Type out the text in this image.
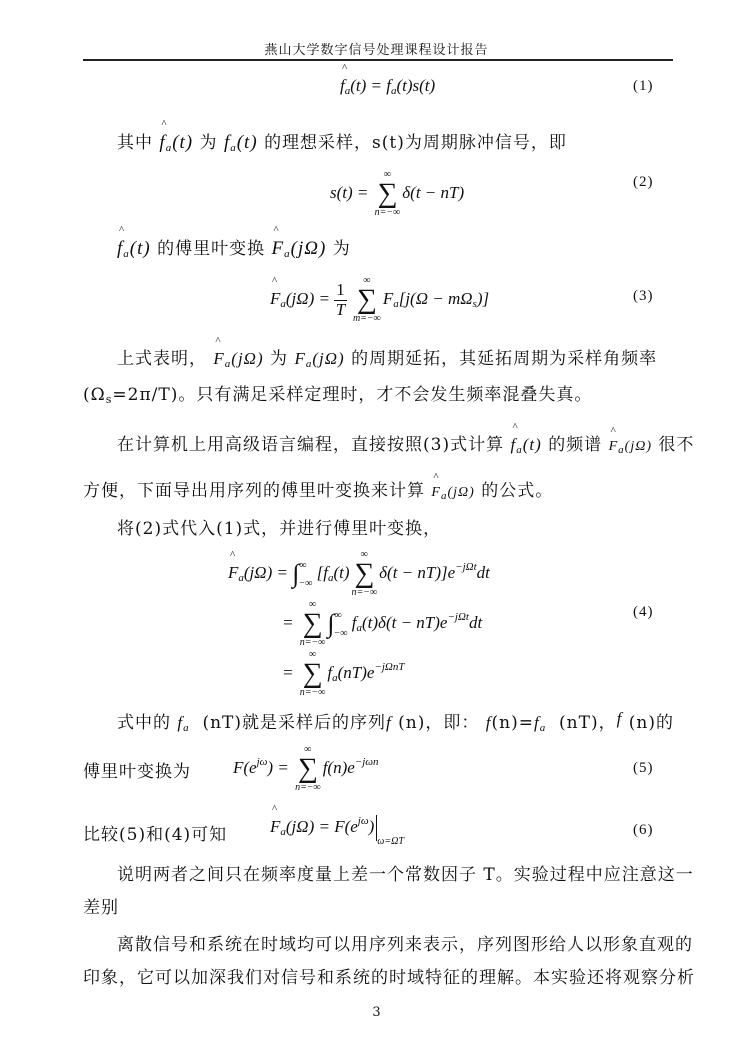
燕山大学数字信号处理课程设计报告
^ $f_a(t) = f_a(t)s(t)$	(1)
其中 ^ $f_a(t)$ 为 $f_a(t)$ 的理想采样，s(t)为周期脉冲信号，即
s(t) =
∞
∑
n=−∞
δ(t − nT)
(2)
^ $f_a(t)$ 的傅里叶变换 ^ $F_a(j\Omega)$ 为
^ $F_a(j\Omega) = \frac{1}{T}$

∞
∑
m=−∞
$F_a[j(\Omega - m\Omega_s)]$	(3)
上式表明， ^ $F_a(j\Omega)$ 为 $F_a(j\Omega)$ 的周期延拓，其延拓周期为采样角频率
$(\Omega_s=2\pi/T)$。只有满足采样定理时，才不会发生频率混叠失真。
在计算机上用高级语言编程，直接按照(3)式计算 ^ $f_a(t)$ 的频谱 ^ $F_a(j\Omega)$ 很不
方便，下面导出用序列的傅里叶变换来计算 ^ $F_a(j\Omega)$ 的公式。
将(2)式代入(1)式，并进行傅里叶变换，
^ $F_a(j\Omega) = \int^\infty_{-\infty}$ [$f_a(t)$
∞
∑
n=−∞
$\delta(t - nT)]e^{-j\Omega t}dt$
=
∞
∑
n=−∞
$\int^\infty_{-\infty}$ $f_a(t)\delta(t - nT)e^{-j\Omega t}dt$
=
∞
∑
n=−∞
$f_a(nT)e^{-j\Omega nT}$
(4)
式中的 $f_a$ (nT)就是采样后的序列f (n)，即： $f(n)=f_a$ (nT)，f (n)的
傅里叶变换为 $F(e^{j\omega})$ =
∞
∑
n=−∞
$f(n)e^{-j\omega n}$	(5)
比较(5)和(4)可知	^ $F_a(j\Omega) = F(e^{j\omega})_{\omega=\Omega T}$
(6)
说明两者之间只在频率度量上差一个常数因子 T。实验过程中应注意这一
差别
离散信号和系统在时域均可以用序列来表示，序列图形给人以形象直观的
印象，它可以加深我们对信号和系统的时域特征的理解。本实验还将观察分析
3
